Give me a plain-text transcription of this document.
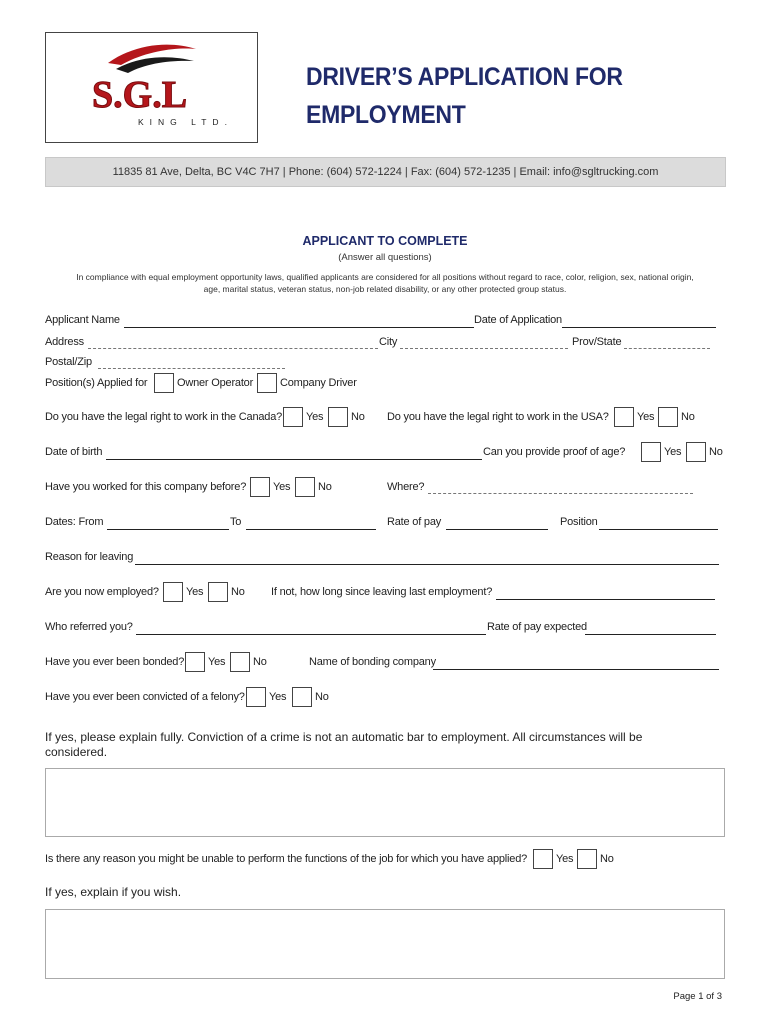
S.G.L
KING LTD.
DRIVER’S APPLICATION FOR
EMPLOYMENT
11835 81 Ave, Delta, BC V4C 7H7 | Phone: (604) 572-1224 | Fax: (604) 572-1235 | Email: info@sgltrucking.com
APPLICANT TO COMPLETE
(Answer all questions)
In compliance with equal employment opportunity laws, qualified applicants are considered for all positions without regard to race, color, religion, sex, national origin,
age, marital status, veteran status, non-job related disability, or any other protected group status.
Applicant Name	Date of Application
Address	City	Prov/State
Postal/Zip
Position(s) Applied for	Owner Operator Company Driver
Do you have the legal right to work in the Canada? Yes	No Do you have the legal right to work in the USA?	Yes No
Date of birth	Can you provide proof of age?	Yes	No
Have you worked for this company before? Yes	No	Where?
Dates: From	To	Rate of pay	Position
Reason for leaving
Are you now employed? Yes	No If not, how long since leaving last employment?
Who referred you?	Rate of pay expected
Have you ever been bonded? Yes	No	Name of bonding company
Have you ever been convicted of a felony? Yes	No
If yes, please explain fully. Conviction of a crime is not an automatic bar to employment. All circumstances will be
considered.
Is there any reason you might be unable to perform the functions of the job for which you have applied?	Yes No
If yes, explain if you wish.
Page 1 of 3
